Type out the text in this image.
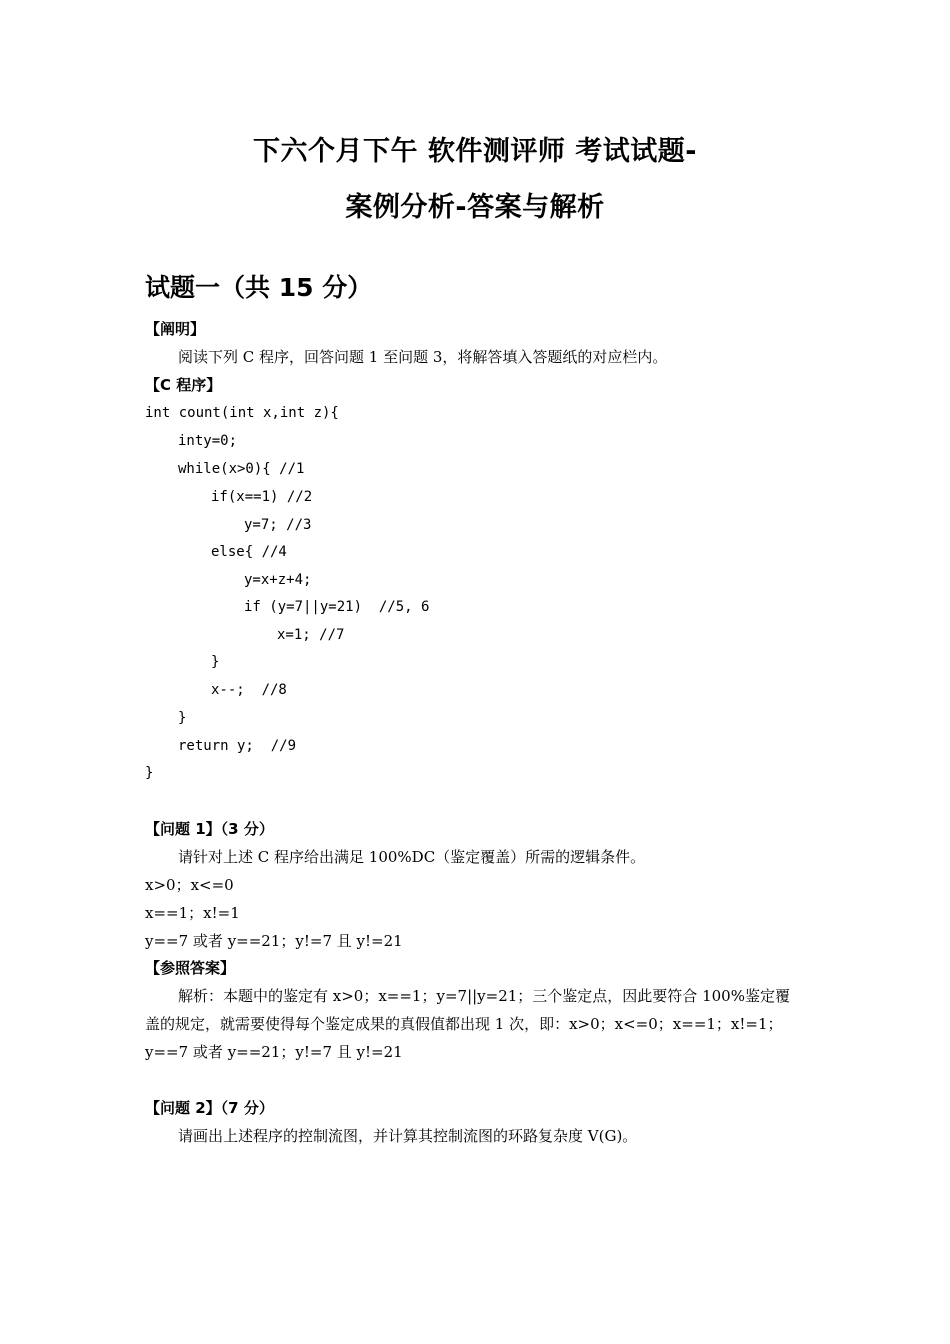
下六个月下午 软件测评师 考试试题-
案例分析-答案与解析
试题一（共 15 分）
【阐明】
阅读下列 C 程序，回答问题 1 至问题 3，将解答填入答题纸的对应栏内。
【C 程序】
int count(int x,int z){
inty=0;
while(x>0){ //1
if(x==1) //2
y=7; //3
else{ //4
y=x+z+4;
if (y=7||y=21)  //5, 6
x=1; //7
}
x--;  //8
}
return y;  //9
}
【问题 1】（3 分）
请针对上述 C 程序给出满足 100%DC（鉴定覆盖）所需的逻辑条件。
x>0；x<=0
x==1；x!=1
y==7 或者 y==21；y!=7 且 y!=21
【参照答案】
解析：本题中的鉴定有 x>0；x==1；y=7||y=21；三个鉴定点，因此要符合 100%鉴定覆
盖的规定，就需要使得每个鉴定成果的真假值都出现 1 次，即：x>0；x<=0；x==1；x!=1；
y==7 或者 y==21；y!=7 且 y!=21
【问题 2】（7 分）
请画出上述程序的控制流图，并计算其控制流图的环路复杂度 V(G)。
